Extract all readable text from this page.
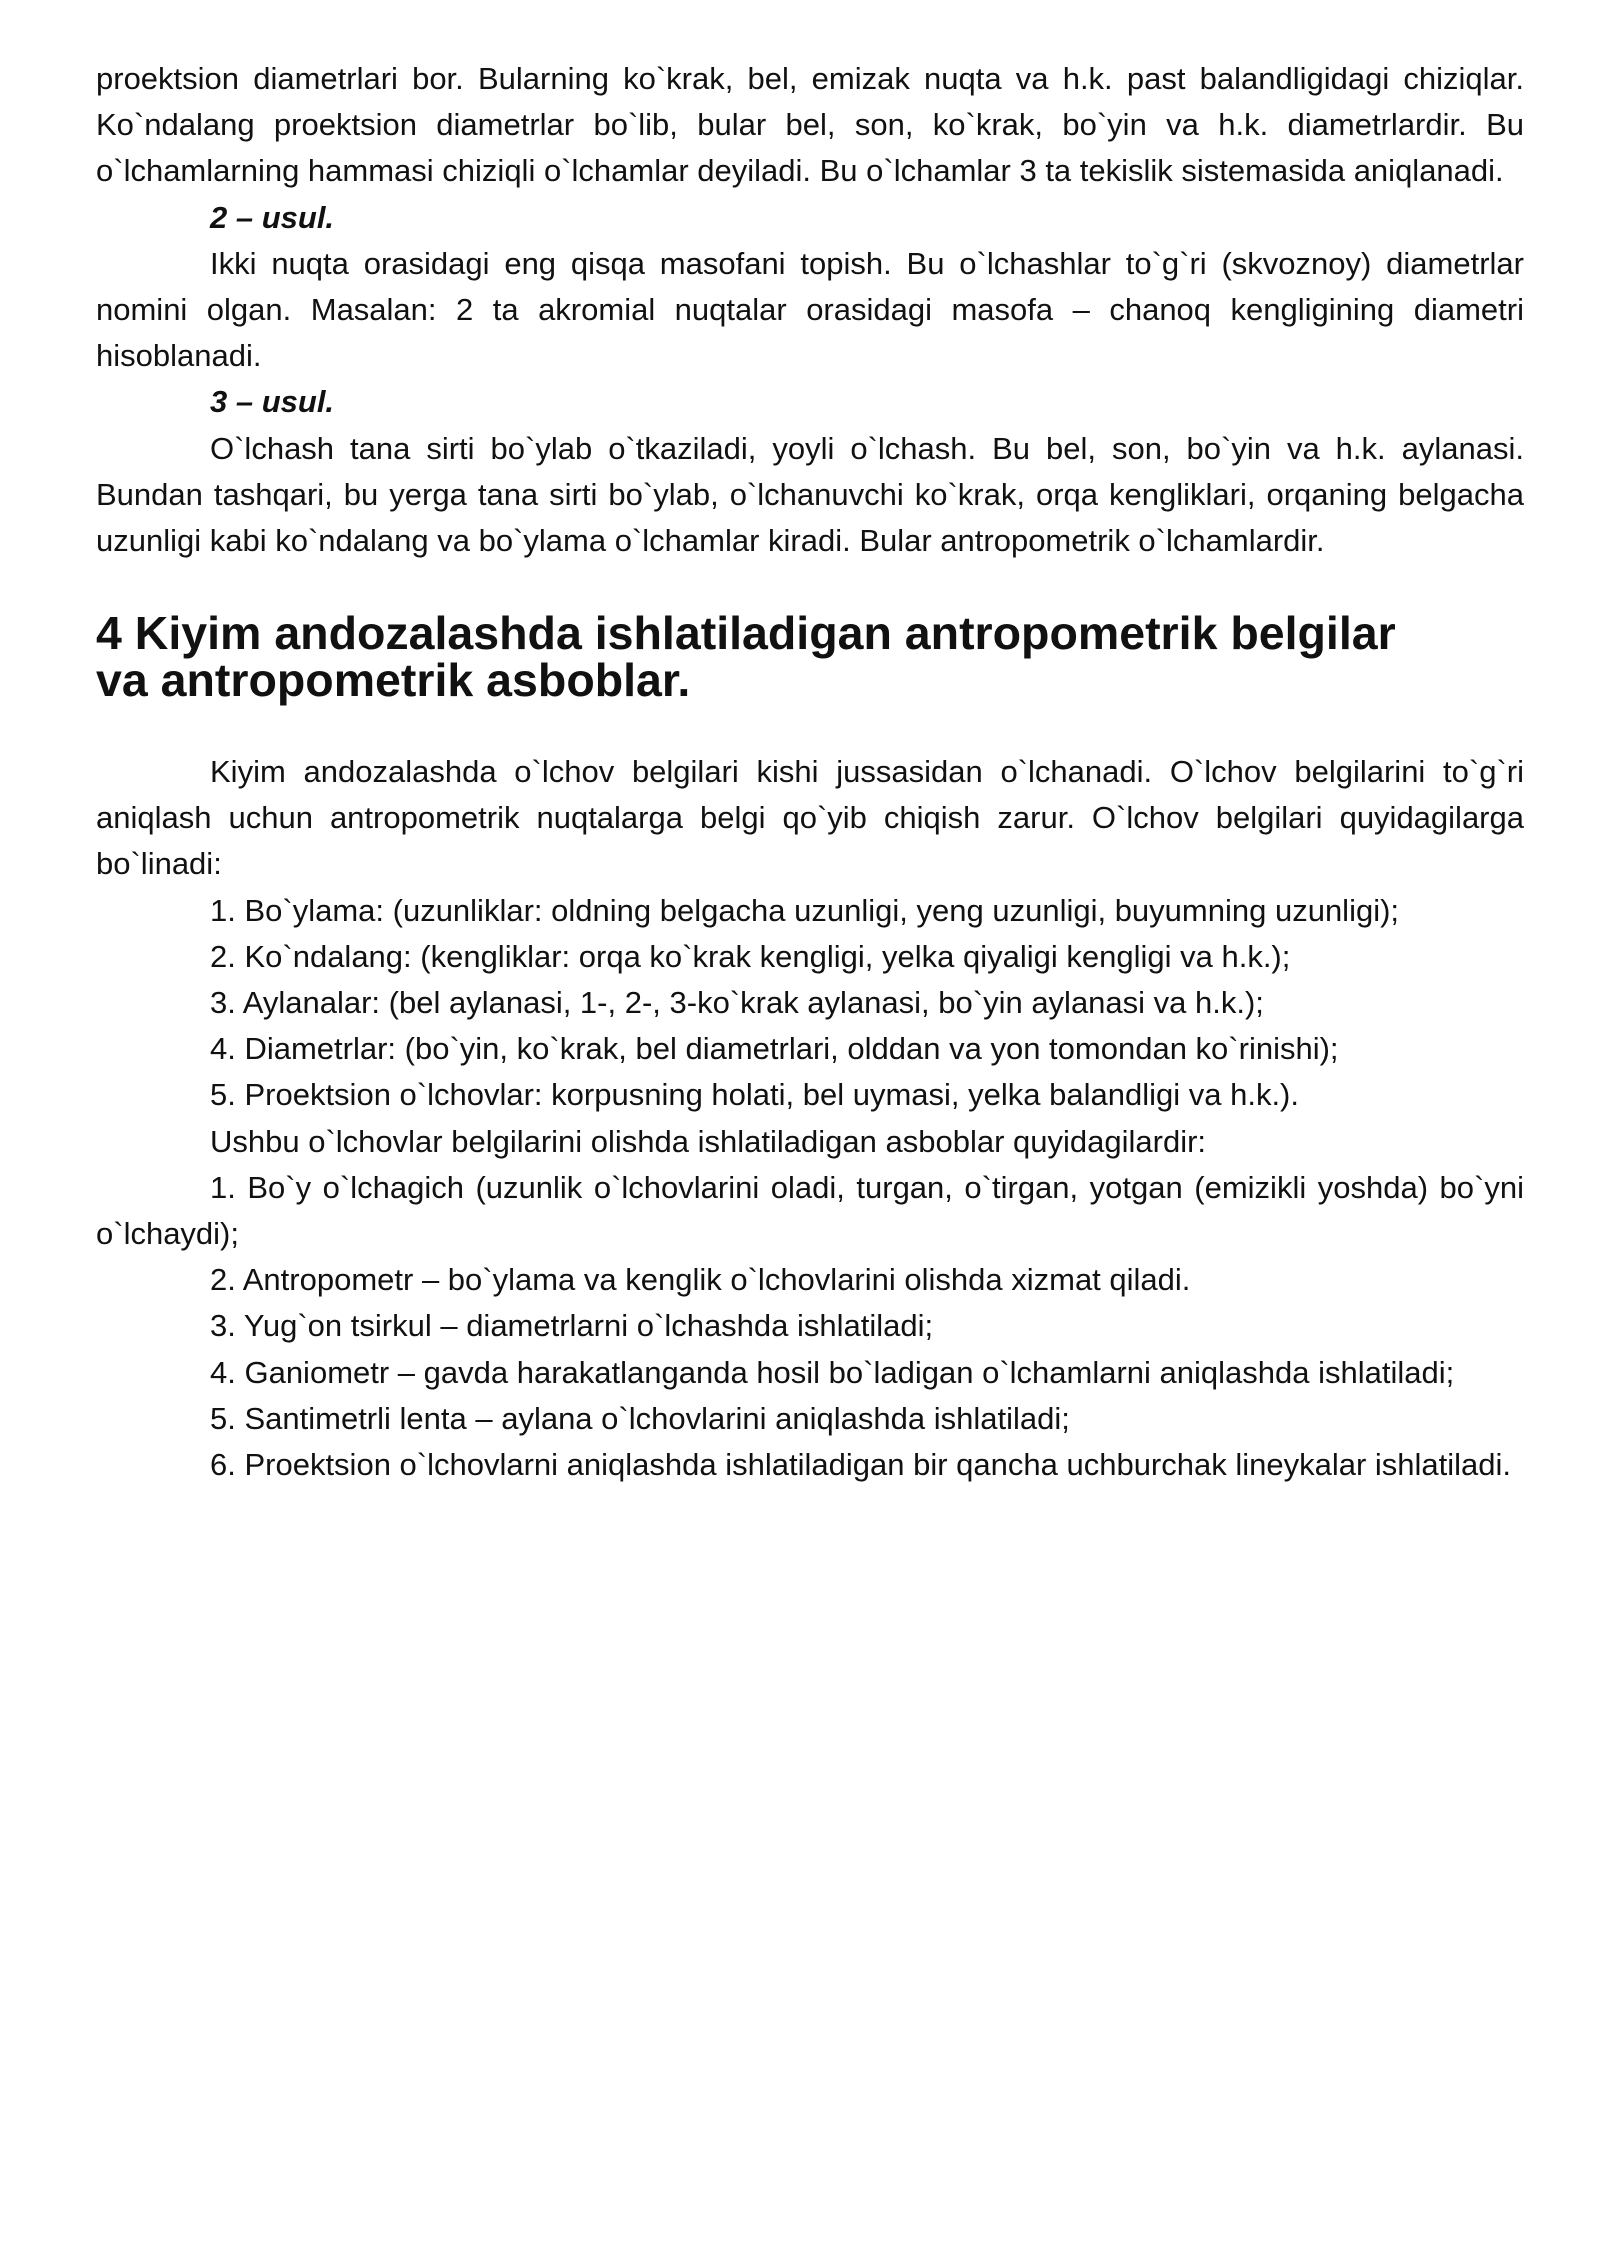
proektsion diametrlari bor. Bularning ko`krak, bel, emizak nuqta va h.k. past balandligidagi chiziqlar. Ko`ndalang proektsion diametrlar bo`lib, bular bel, son, ko`krak, bo`yin va h.k. diametrlardir. Bu o`lchamlarning hammasi chiziqli o`lchamlar deyiladi. Bu o`lchamlar 3 ta tekislik sistemasida aniqlanadi.

2 – usul.

Ikki nuqta orasidagi eng qisqa masofani topish. Bu o`lchashlar to`g`ri (skvoznoy) diametrlar nomini olgan. Masalan: 2 ta akromial nuqtalar orasidagi masofa – chanoq kengligining diametri hisoblanadi.

3 – usul.

O`lchash tana sirti bo`ylab o`tkaziladi, yoyli o`lchash. Bu bel, son, bo`yin va h.k. aylanasi. Bundan tashqari, bu yerga tana sirti bo`ylab, o`lchanuvchi ko`krak, orqa kengliklari, orqaning belgacha uzunligi kabi ko`ndalang va bo`ylama o`lchamlar kiradi. Bular antropometrik o`lchamlardir.

4 Kiyim andozalashda ishlatiladigan antropometrik belgilar
va antropometrik asboblar.

Kiyim andozalashda o`lchov belgilari kishi jussasidan o`lchanadi. O`lchov belgilarini to`g`ri aniqlash uchun antropometrik nuqtalarga belgi qo`yib chiqish zarur. O`lchov belgilari quyidagilarga bo`linadi:

1. Bo`ylama: (uzunliklar: oldning belgacha uzunligi, yeng uzunligi, buyumning uzunligi);

2. Ko`ndalang: (kengliklar: orqa ko`krak kengligi, yelka qiyaligi kengligi va h.k.);

3. Aylanalar: (bel aylanasi, 1-, 2-, 3-ko`krak aylanasi, bo`yin aylanasi va h.k.);

4. Diametrlar: (bo`yin, ko`krak, bel diametrlari, olddan va yon tomondan ko`rinishi);

5. Proektsion o`lchovlar: korpusning holati, bel uymasi, yelka balandligi va h.k.).

Ushbu o`lchovlar belgilarini olishda ishlatiladigan asboblar quyidagilardir:

1. Bo`y o`lchagich (uzunlik o`lchovlarini oladi, turgan, o`tirgan, yotgan (emizikli yoshda) bo`yni o`lchaydi);

2. Antropometr – bo`ylama va kenglik o`lchovlarini olishda xizmat qiladi.

3. Yug`on tsirkul – diametrlarni o`lchashda ishlatiladi;

4. Ganiometr – gavda harakatlanganda hosil bo`ladigan o`lchamlarni aniqlashda ishlatiladi;

5. Santimetrli lenta – aylana o`lchovlarini aniqlashda ishlatiladi;

6. Proektsion o`lchovlarni aniqlashda ishlatiladigan bir qancha uchburchak lineykalar ishlatiladi.
